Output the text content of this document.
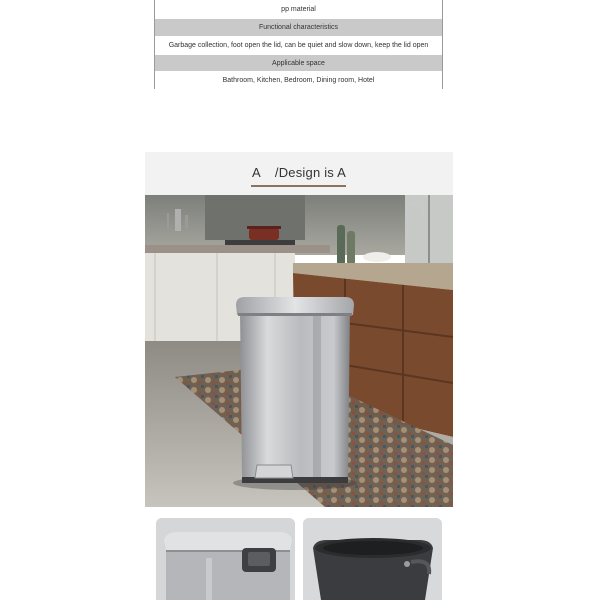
pp material
Functional characteristics
Garbage collection, foot open the lid, can be quiet and slow down, keep the lid open
Applicable space
Bathroom, Kitchen, Bedroom, Dining room, Hotel
A /Design is A
